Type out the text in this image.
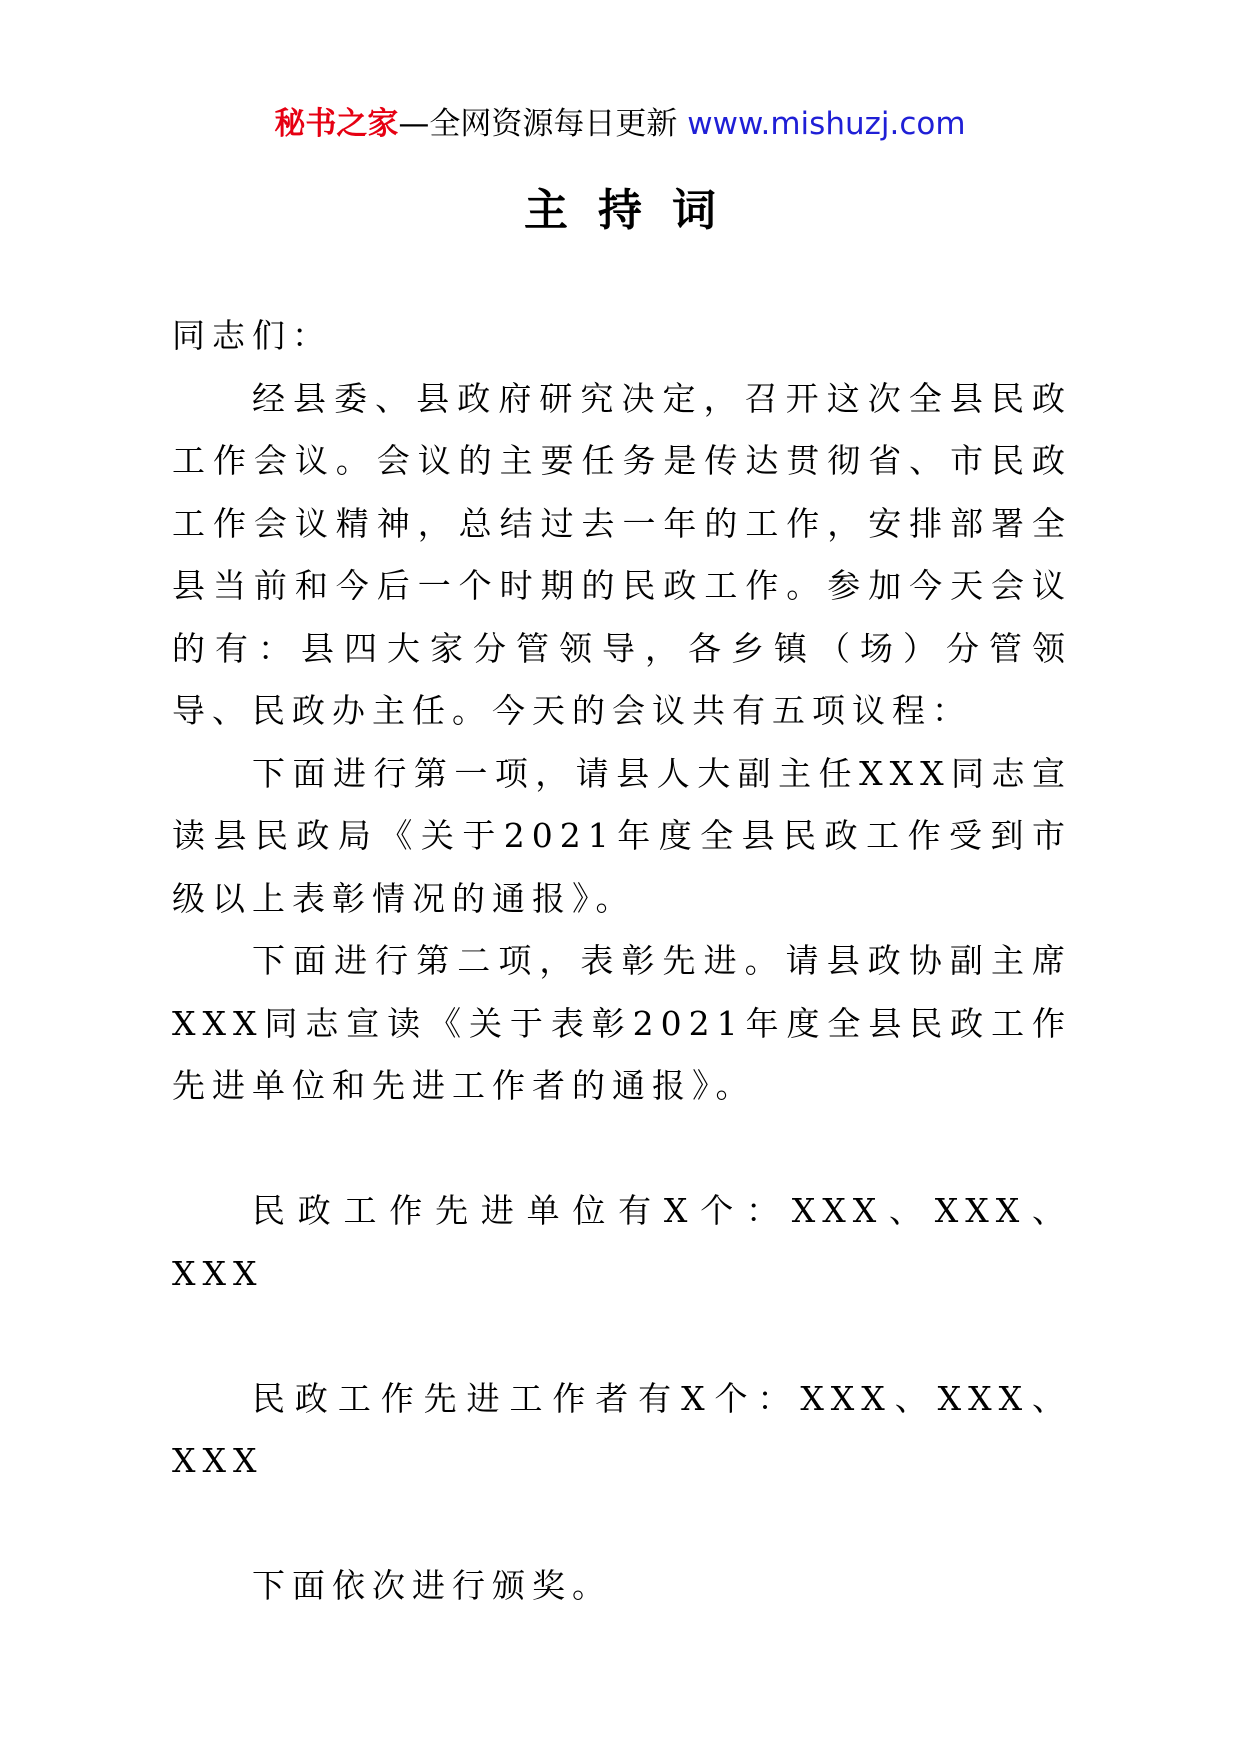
秘书之家—全网资源每日更新 www.mishuzj.com
主持词

同志们：

经县委、县政府研究决定，召开这次全县民政工作会议。会议的主要任务是传达贯彻省、市民政工作会议精神，总结过去一年的工作，安排部署全县当前和今后一个时期的民政工作。参加今天会议的有：县四大家分管领导，各乡镇（场）分管领导、民政办主任。今天的会议共有五项议程：

下面进行第一项，请县人大副主任XXX同志宣读县民政局《关于2021年度全县民政工作受到市级以上表彰情况的通报》。

下面进行第二项，表彰先进。请县政协副主席XXX同志宣读《关于表彰2021年度全县民政工作先进单位和先进工作者的通报》。

民政工作先进单位有X个：XXX、XXX、XXX

民政工作先进工作者有X个：XXX、XXX、XXX

下面依次进行颁奖。
